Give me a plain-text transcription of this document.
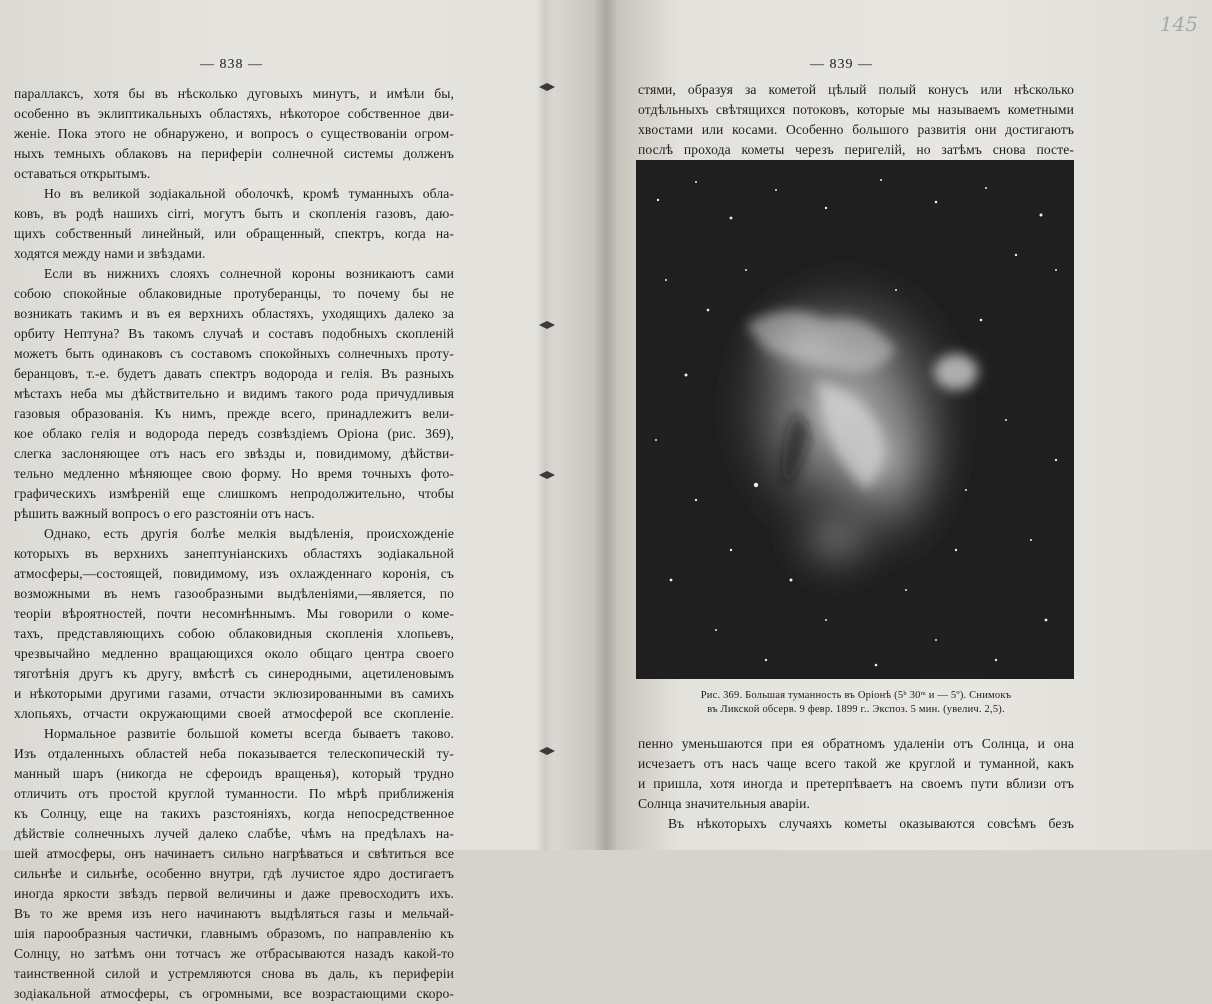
— 838 —
параллаксъ, хотя бы въ нѣсколько дуговыхъ минутъ, и имѣли бы,
особенно въ эклиптикальныхъ областяхъ, нѣкоторое собственное дви-
женіе. Пока этого не обнаружено, и вопросъ о существованіи огром-
ныхъ темныхъ облаковъ на периферіи солнечной системы долженъ
оставаться открытымъ.
Но въ великой зодіакальной оболочкѣ, кромѣ туманныхъ обла-
ковъ, въ родѣ нашихъ cirri, могутъ быть и скопленія газовъ, даю-
щихъ собственный линейный, или обращенный, спектръ, когда на-
ходятся между нами и звѣздами.
Если въ нижнихъ слояхъ солнечной короны возникаютъ сами
собою спокойные облаковидные протуберанцы, то почему бы не
возникать такимъ и въ ея верхнихъ областяхъ, уходящихъ далеко за
орбиту Нептуна? Въ такомъ случаѣ и составъ подобныхъ скопленій
можетъ быть одинаковъ съ составомъ спокойныхъ солнечныхъ протy-
беранцовъ, т.-е. будетъ давать спектръ водорода и гелія. Въ разныхъ
мѣстахъ неба мы дѣйствительно и видимъ такого рода причудливыя
газовыя образованія. Къ нимъ, прежде всего, принадлежитъ вели-
кое облако гелія и водорода передъ созвѣздіемъ Оріона (рис. 369),
слегка заслоняющее отъ насъ его звѣзды и, повидимому, дѣйстви-
тельно медленно мѣняющее свою форму. Но время точныхъ фото-
графическихъ измѣреній еще слишкомъ непродолжительно, чтобы
рѣшить важный вопросъ о его разстояніи отъ насъ.
Однако, есть другія болѣе мелкія выдѣленія, происхожденіе
которыхъ въ верхнихъ занептуніанскихъ областяхъ зодіакальной
атмосферы,—состоящей, повидимому, изъ охлажденнаго коронія, съ
возможными въ немъ газообразными выдѣленіями,—является, по
теоріи вѣроятностей, почти несомнѣннымъ. Мы говорили о коме-
тахъ, представляющихъ собою облаковидныя скопленія хлопьевъ,
чрезвычайно медленно вращающихся около общаго центра своего
тяготѣнія другъ къ другу, вмѣстѣ съ синеродными, ацетиленовымъ
и нѣкоторыми другими газами, отчасти эклюзированными въ самихъ
хлопьяхъ, отчасти окружающими своей атмосферой все скопленіе.
Нормальное развитіе большой кометы всегда бываетъ таково.
Изъ отдаленныхъ областей неба показывается телескопическій ту-
манный шаръ (никогда не сфероидъ вращенья), который трудно
отличить отъ простой круглой туманности. По мѣрѣ приближенія
къ Солнцу, еще на такихъ разстояніяхъ, когда непосредственное
дѣйствіе солнечныхъ лучей далеко слабѣе, чѣмъ на предѣлахъ на-
шей атмосферы, онъ начинаетъ сильно нагрѣваться и свѣтиться все
сильнѣе и сильнѣе, особенно внутри, гдѣ лучистое ядро достигаетъ
иногда яркости звѣздъ первой величины и даже превосходитъ ихъ.
Въ то же время изъ него начинаютъ выдѣляться газы и мельчай-
шія парообразныя частички, главнымъ образомъ, по направленію къ
Солнцу, но затѣмъ они тотчасъ же отбрасываются назадъ какой-то
таинственной силой и устремляются снова въ даль, къ периферіи
зодіакальной атмосферы, съ огромными, все возрастающими скоро-
145
— 839 —
стями, образуя за кометой цѣлый полый конусъ или нѣсколько
отдѣльныхъ свѣтящихся потоковъ, которые мы называемъ кометными
хвостами или косами. Особенно большого развитія они достигаютъ
послѣ прохода кометы черезъ перигелій, но затѣмъ снова посте-
Рис. 369. Большая туманность въ Оріонѣ (5ʰ 30ᵐ и — 5º). Снимокъ
въ Ликской обсерв. 9 февр. 1899 г.. Экспоз. 5 мин. (увелич. 2,5).
пенно уменьшаются при ея обратномъ удаленіи отъ Солнца, и она
исчезаетъ отъ насъ чаще всего такой же круглой и туманной, какъ
и пришла, хотя иногда и претерпѣваетъ на своемъ пути вблизи отъ
Солнца значительныя аваріи.
Въ нѣкоторыхъ случаяхъ кометы оказываются совсѣмъ безъ
